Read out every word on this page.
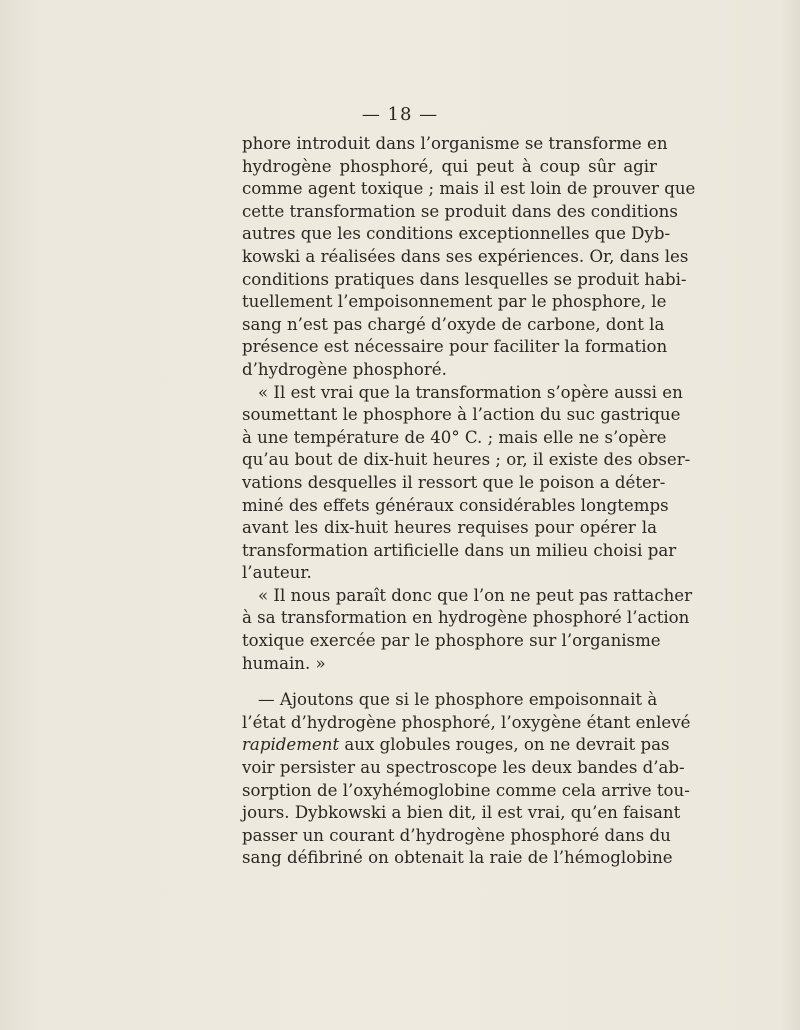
— 18 —
phore introduit dans l’organisme se transforme en
hydrogène phosphoré, qui peut à coup sûr agir
comme agent toxique ; mais il est loin de prouver que
cette transformation se produit dans des conditions
autres que les conditions exceptionnelles que Dyb-
kowski a réalisées dans ses expériences. Or, dans les
conditions pratiques dans lesquelles se produit habi-
tuellement l’empoisonnement par le phosphore, le
sang n’est pas chargé d’oxyde de carbone, dont la
présence est nécessaire pour faciliter la formation
d’hydrogène phosphoré.
« Il est vrai que la transformation s’opère aussi en
soumettant le phosphore à l’action du suc gastrique
à une température de 40° C. ; mais elle ne s’opère
qu’au bout de dix-huit heures ; or, il existe des obser-
vations desquelles il ressort que le poison a déter-
miné des effets généraux considérables longtemps
avant les dix-huit heures requises pour opérer la
transformation artificielle dans un milieu choisi par
l’auteur.
« Il nous paraît donc que l’on ne peut pas rattacher
à sa transformation en hydrogène phosphoré l’action
toxique exercée par le phosphore sur l’organisme
humain. »
— Ajoutons que si le phosphore empoisonnait à
l’état d’hydrogène phosphoré, l’oxygène étant enlevé
rapidement aux globules rouges, on ne devrait pas
voir persister au spectroscope les deux bandes d’ab-
sorption de l’oxyhémoglobine comme cela arrive tou-
jours. Dybkowski a bien dit, il est vrai, qu’en faisant
passer un courant d’hydrogène phosphoré dans du
sang défibriné on obtenait la raie de l’hémoglobine
